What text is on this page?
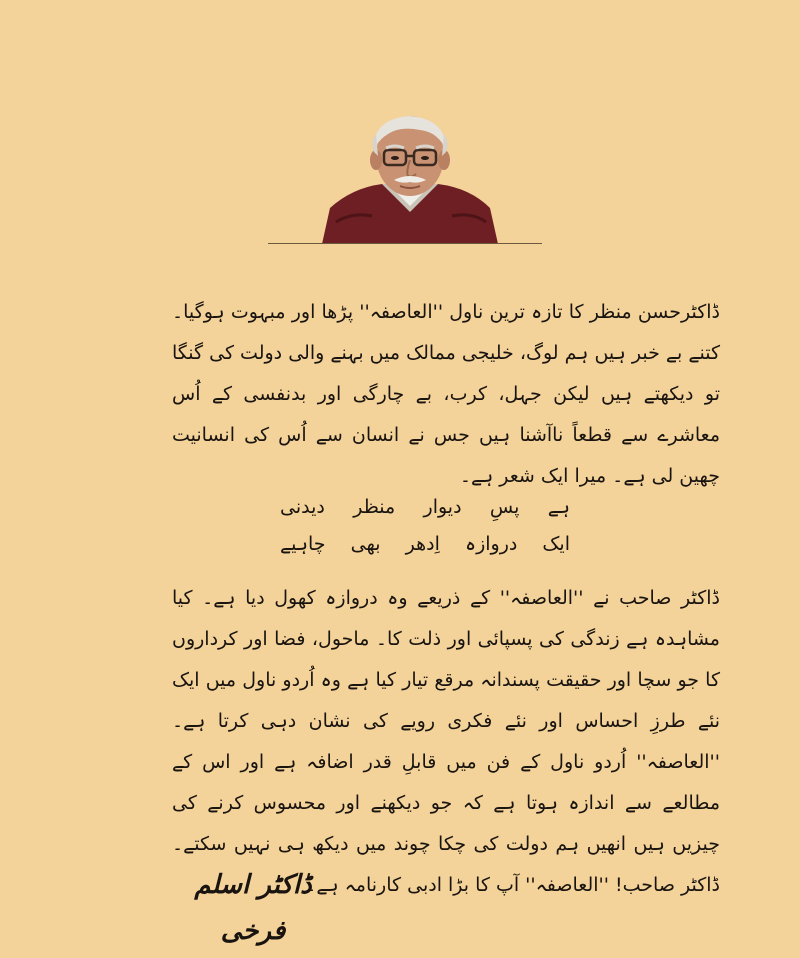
ڈاکٹرحسن منظر کا تازہ ترین ناول ''العاصفہ'' پڑھا اور مبہوت ہوگیا۔ کتنے بے خبر ہیں ہم لوگ، خلیجی ممالک میں بہنے والی دولت کی گنگا تو دیکھتے ہیں لیکن جہل، کرب، بے چارگی اور بدنفسی کے اُس معاشرے سے قطعاً ناآشنا ہیں جس نے انسان سے اُس کی انسانیت چھین لی ہے۔ میرا ایک شعر ہے۔

ہے
پسِ
دیوار
منظر
دیدنی
ایک
دروازہ
اِدھر
بھی
چاہیے

ڈاکٹر صاحب نے ''العاصفہ'' کے ذریعے وہ دروازہ کھول دیا ہے۔ کیا مشاہدہ ہے زندگی کی پسپائی اور ذلت کا۔ ماحول، فضا اور کرداروں کا جو سچا اور حقیقت پسندانہ مرقع تیار کیا ہے وہ اُردو ناول میں ایک نئے طرزِ احساس اور نئے فکری رویے کی نشان دہی کرتا ہے۔ ''العاصفہ'' اُردو ناول کے فن میں قابلِ قدر اضافہ ہے اور اس کے مطالعے سے اندازہ ہوتا ہے کہ جو دیکھنے اور محسوس کرنے کی چیزیں ہیں انھیں ہم دولت کی چکا چوند میں دیکھ ہی نہیں سکتے۔ ڈاکٹر صاحب! ''العاصفہ'' آپ کا بڑا ادبی کارنامہ ہے۔

ڈاکٹر اسلم فرخی
